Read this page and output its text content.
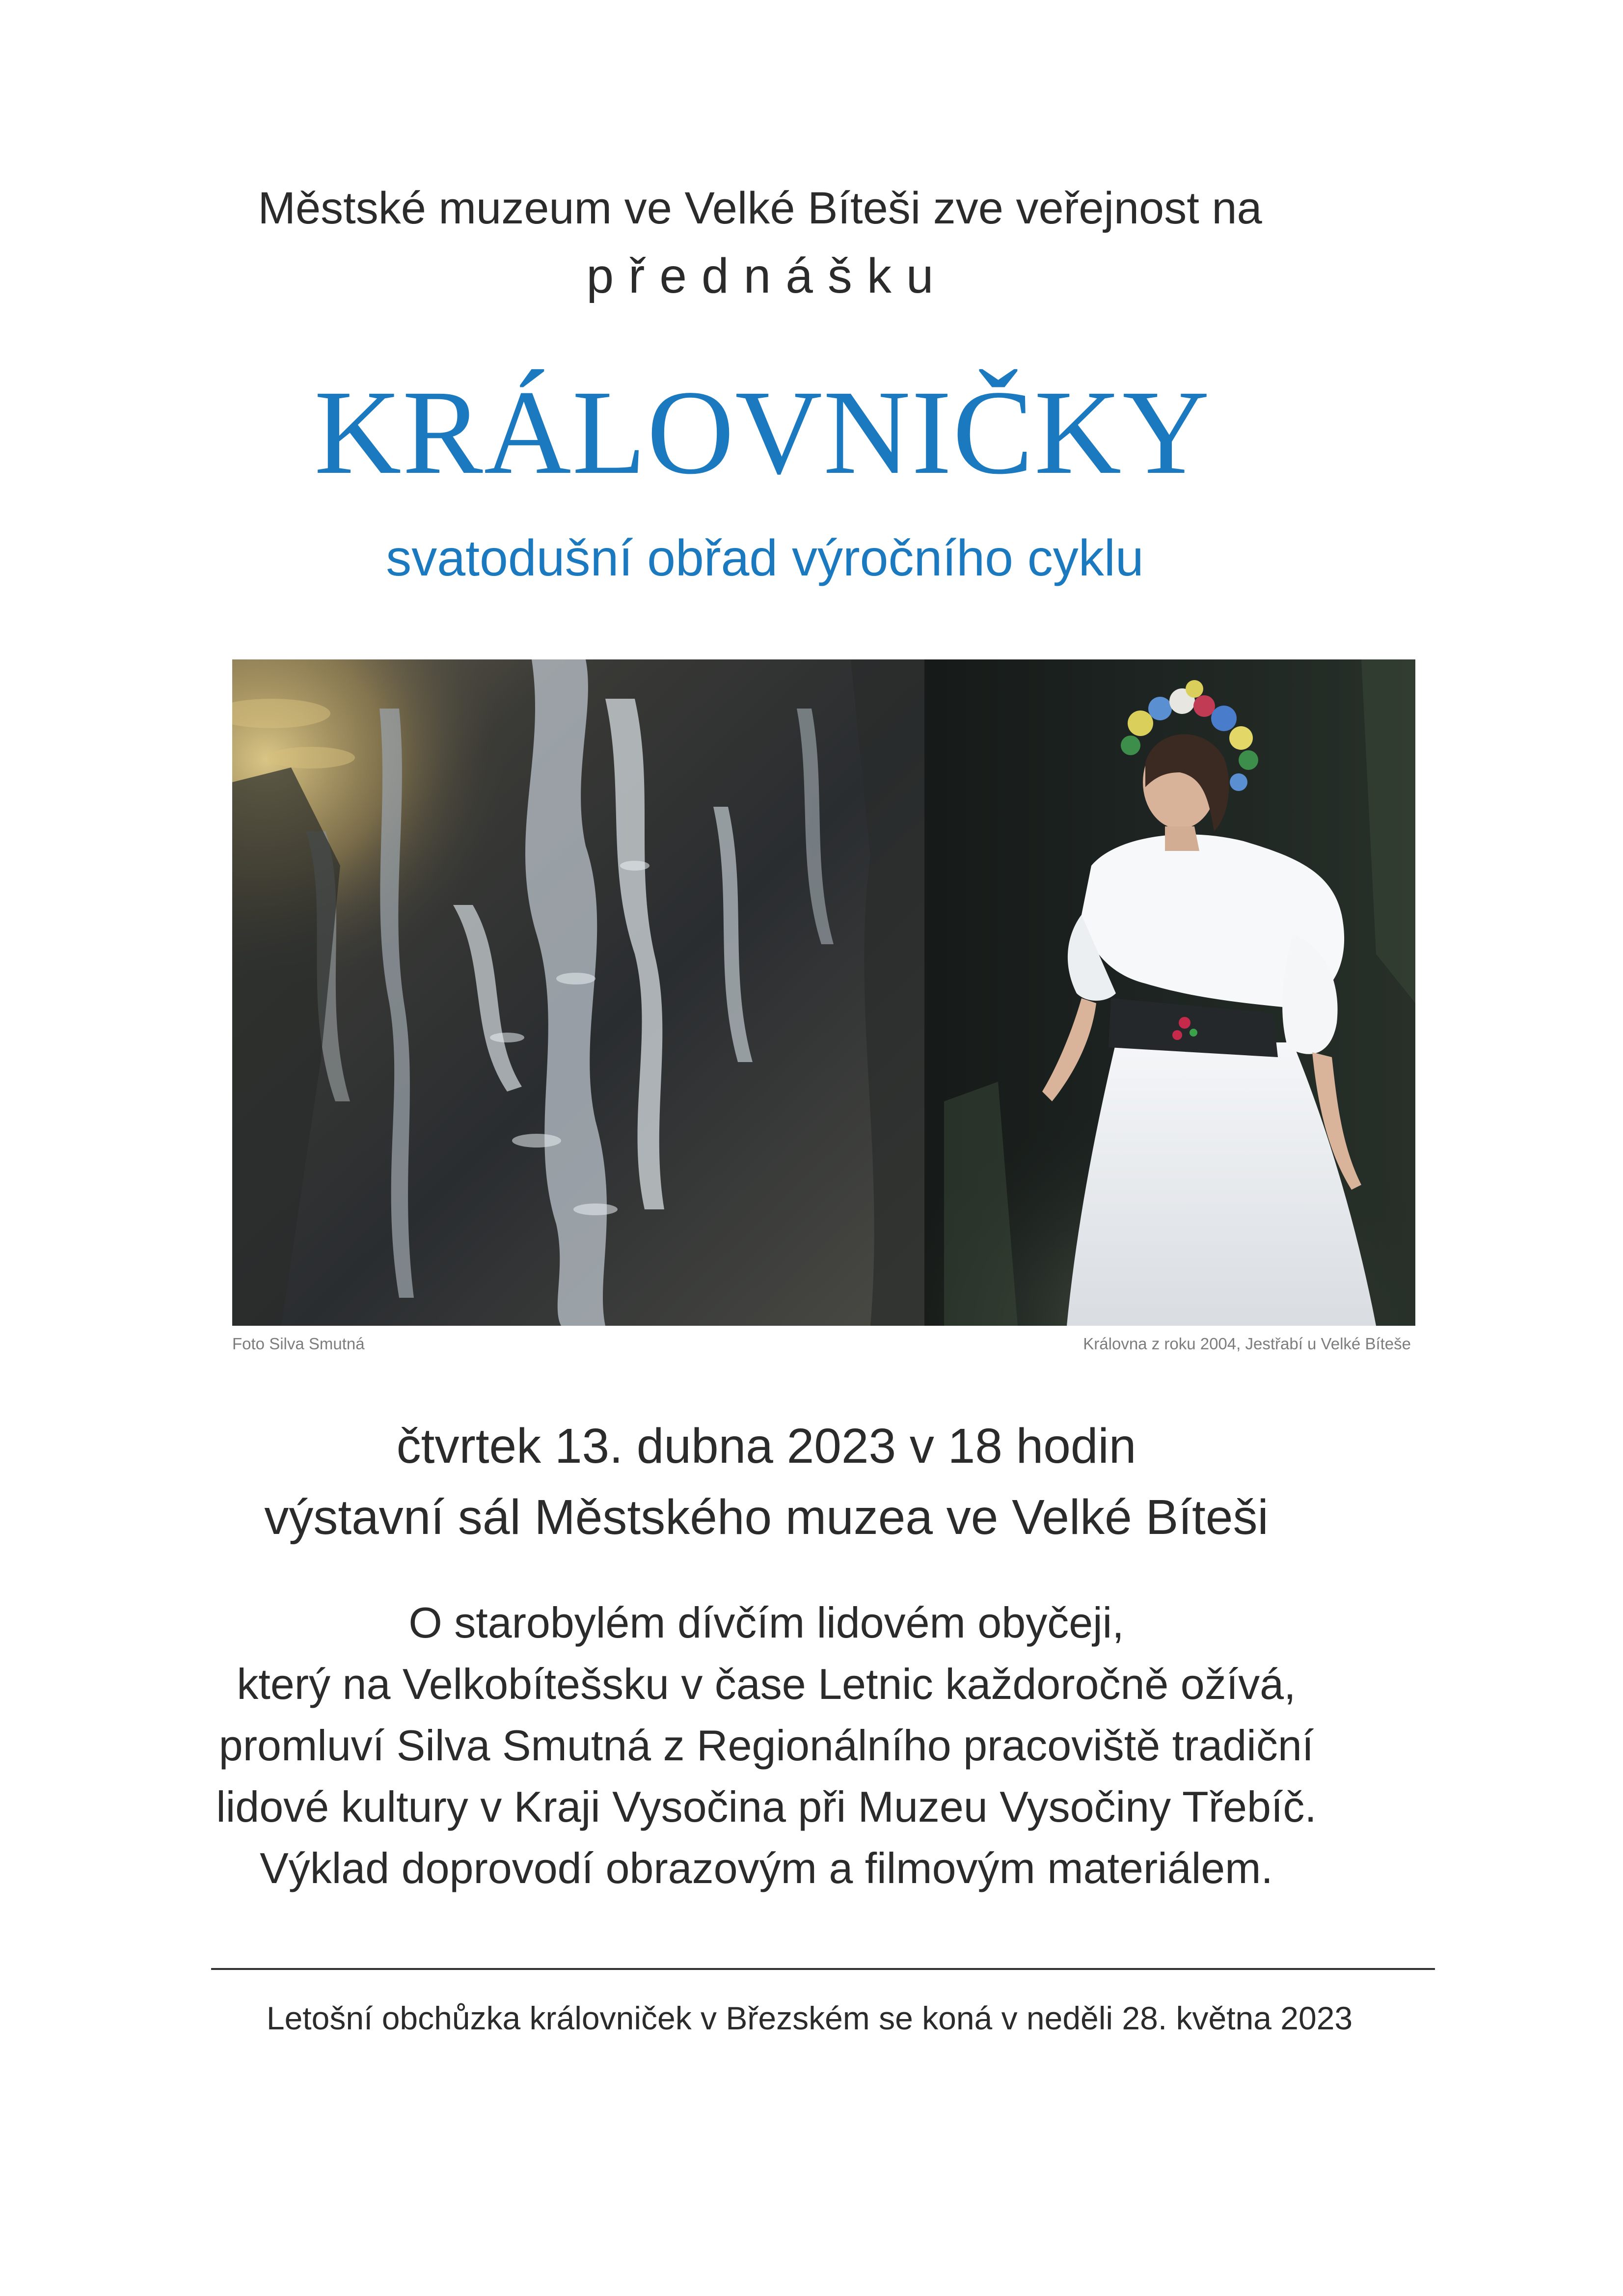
Městské muzeum ve Velké Bíteši zve veřejnost na
přednášku
KRÁLOVNIČKY
svatodušní obřad výročního cyklu
Foto Silva Smutná	Královna z roku 2004, Jestřabí u Velké Bíteše
čtvrtek 13. dubna 2023 v 18 hodin
výstavní sál Městského muzea ve Velké Bíteši
O starobylém dívčím lidovém obyčeji,
který na Velkobítešsku v čase Letnic každoročně ožívá,
promluví Silva Smutná z Regionálního pracoviště tradiční
lidové kultury v Kraji Vysočina při Muzeu Vysočiny Třebíč.
Výklad doprovodí obrazovým a filmovým materiálem.
Letošní obchůzka královniček v Březském se koná v neděli 28. května 2023
